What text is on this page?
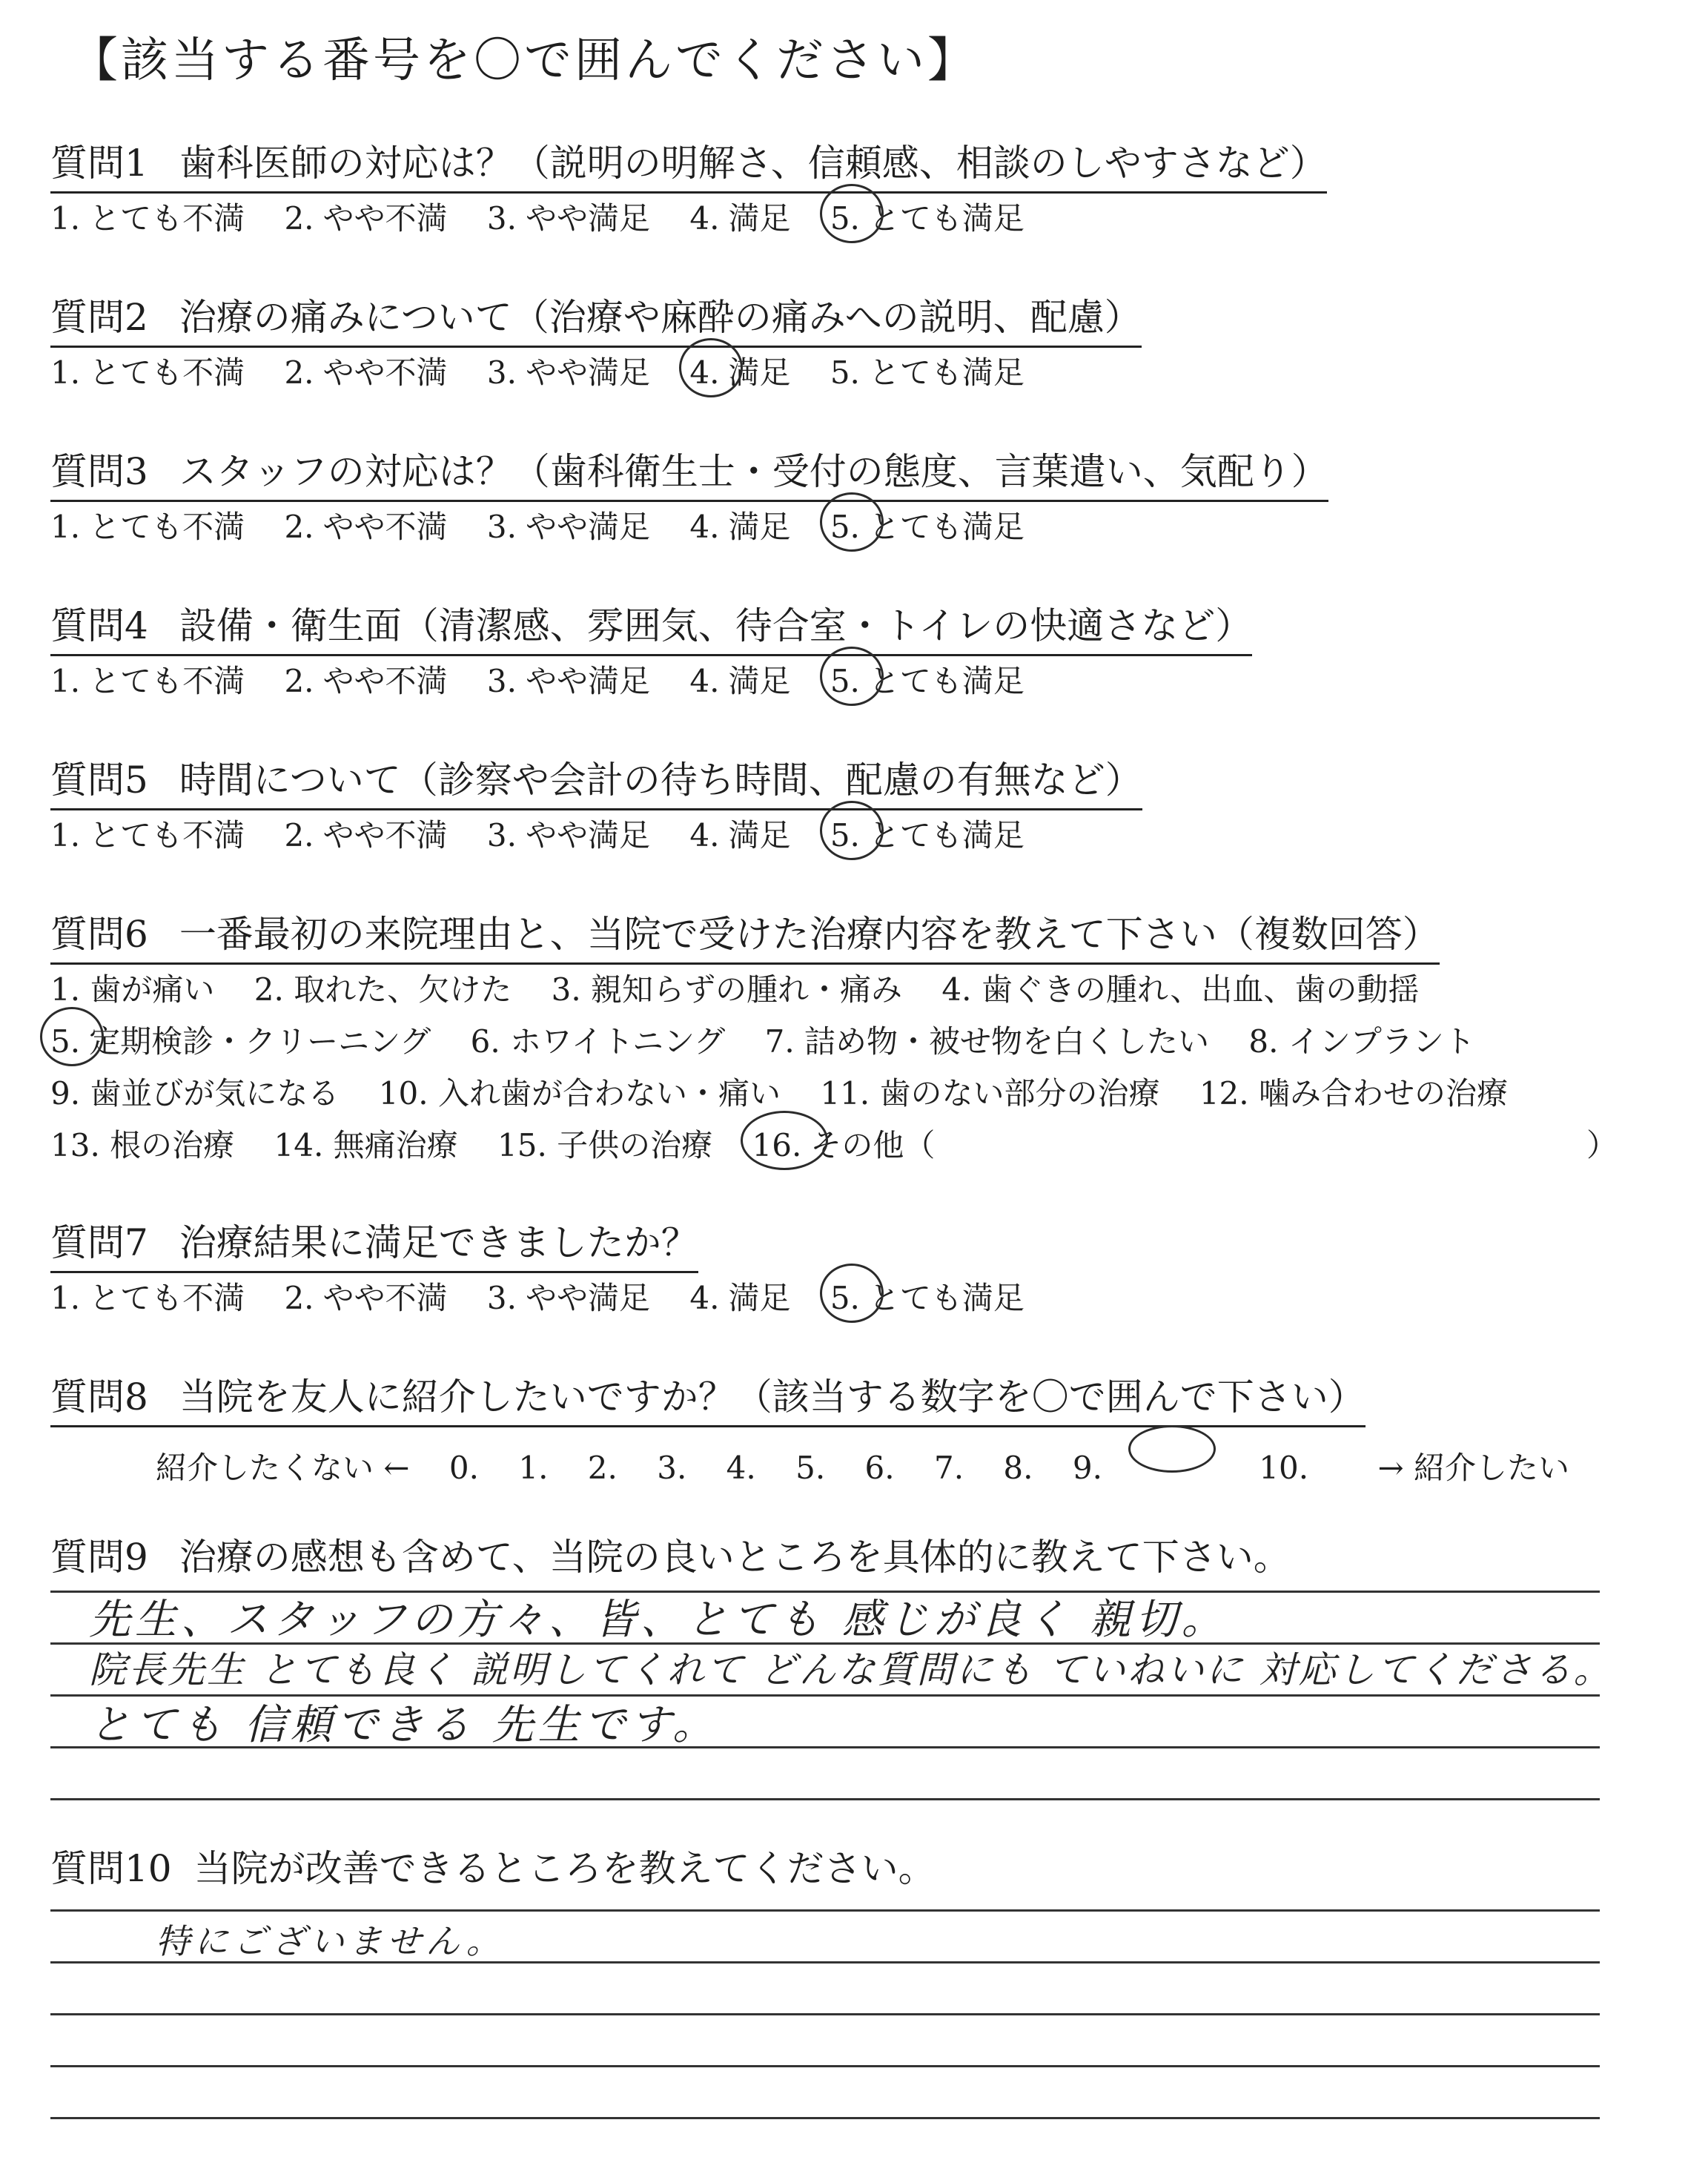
【該当する番号を〇で囲んでください】
質問1 歯科医師の対応は？（説明の明解さ、信頼感、相談のしやすさなど）
1. とても不満 2. やや不満 3. やや満足 4. 満足 5. とても満足
質問2 治療の痛みについて（治療や麻酔の痛みへの説明、配慮）
1. とても不満 2. やや不満 3. やや満足 4. 満足 5. とても満足
質問3 スタッフの対応は？（歯科衛生士・受付の態度、言葉遣い、気配り）
1. とても不満 2. やや不満 3. やや満足 4. 満足 5. とても満足
質問4 設備・衛生面（清潔感、雰囲気、待合室・トイレの快適さなど）
1. とても不満 2. やや不満 3. やや満足 4. 満足 5. とても満足
質問5 時間について（診察や会計の待ち時間、配慮の有無など）
1. とても不満 2. やや不満 3. やや満足 4. 満足 5. とても満足
質問6 一番最初の来院理由と、当院で受けた治療内容を教えて下さい（複数回答）
1. 歯が痛い 2. 取れた、欠けた 3. 親知らずの腫れ・痛み 4. 歯ぐきの腫れ、出血、歯の動揺
5. 定期検診・クリーニング 6. ホワイトニング 7. 詰め物・被せ物を白くしたい 8. インプラント
9. 歯並びが気になる 10. 入れ歯が合わない・痛い 11. 歯のない部分の治療 12. 噛み合わせの治療
13. 根の治療 14. 無痛治療 15. 子供の治療 16. その他（	）
質問7 治療結果に満足できましたか？
1. とても不満 2. やや不満 3. やや満足 4. 満足 5. とても満足
質問8 当院を友人に紹介したいですか？（該当する数字を〇で囲んで下さい）
紹介したくない ← 0. 1. 2. 3. 4. 5. 6. 7. 8. 9.	10. → 紹介したい
質問9 治療の感想も含めて、当院の良いところを具体的に教えて下さい。
先生、スタッフの方々、皆、とても 感じが良く 親切。
院長先生 とても良く 説明してくれて どんな質問にも ていねいに 対応してくださる。
とても 信頼できる 先生です。
質問10 当院が改善できるところを教えてください。
特にございません。
